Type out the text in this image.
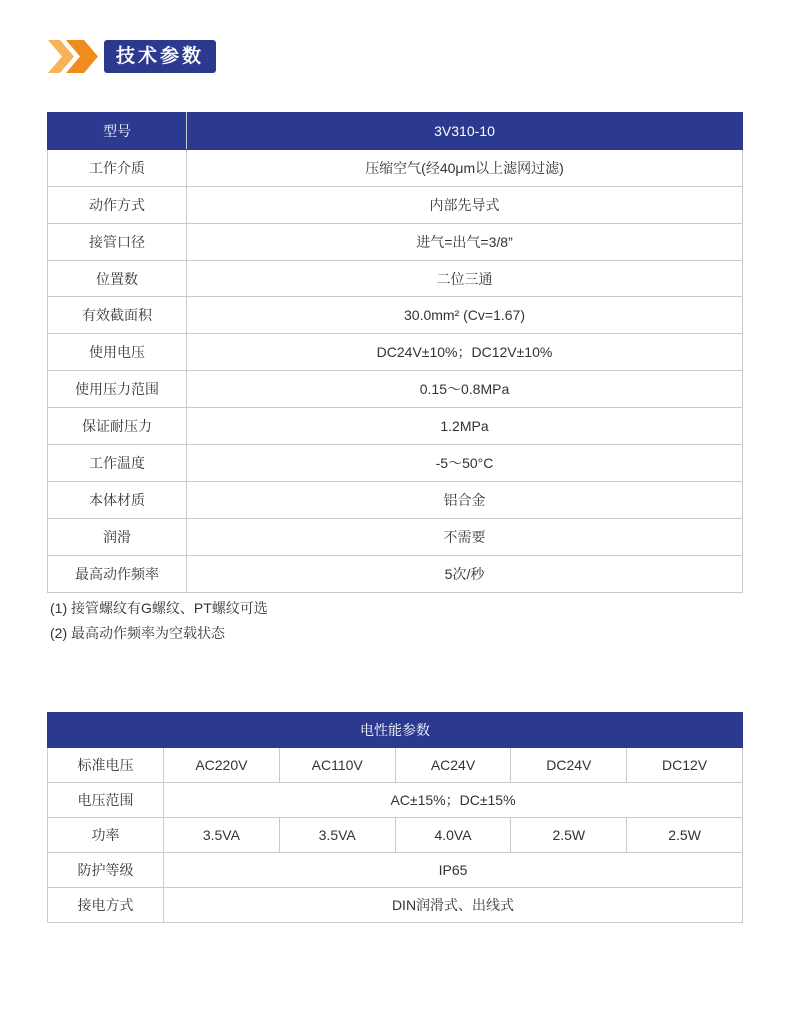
技术参数
型号	3V310-10
工作介质	压缩空气(经40μm以上滤网过滤)
动作方式	内部先导式
接管口径	进气=出气=3/8”
位置数	二位三通
有效截面积	30.0mm² (Cv=1.67)
使用电压	DC24V±10%；DC12V±10%
使用压力范围	0.15～0.8MPa
保证耐压力	1.2MPa
工作温度	-5～50°C
本体材质	铝合金
润滑	不需要
最高动作频率	5次/秒
(1) 接管螺纹有G螺纹、PT螺纹可选
(2) 最高动作频率为空载状态
电性能参数					
标准电压	AC220V	AC110V	AC24V	DC24V	DC12V
电压范围	AC±15%；DC±15%				
功率	3.5VA	3.5VA	4.0VA	2.5W	2.5W
防护等级	IP65				
接电方式	DIN润滑式、出线式				
